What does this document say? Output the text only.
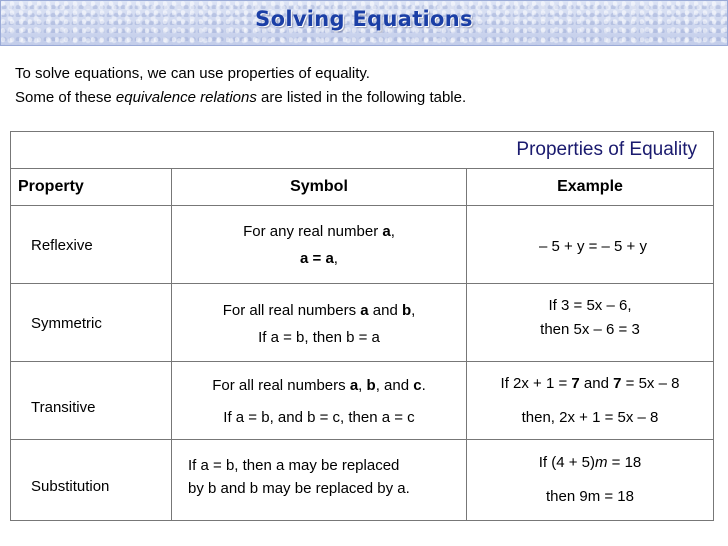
Solving Equations
To solve equations, we can use properties of equality.
Some of these equivalence relations are listed in the following table.
Properties of Equality
Property	Symbol	Example
Reflexive
For any real number a,
a = a,
– 5 + y = – 5 + y
Symmetric
For all real numbers a and b,
If a = b, then b = a
If 3 = 5x – 6,
then 5x – 6 = 3
Transitive
For all real numbers a, b, and c.
If a = b, and b = c, then a = c
If 2x + 1 = 7 and 7 = 5x – 8
then, 2x + 1 = 5x – 8
Substitution
If a = b, then a may be replaced
by b and b may be replaced by a.
If (4 + 5)m = 18
then 9m = 18
